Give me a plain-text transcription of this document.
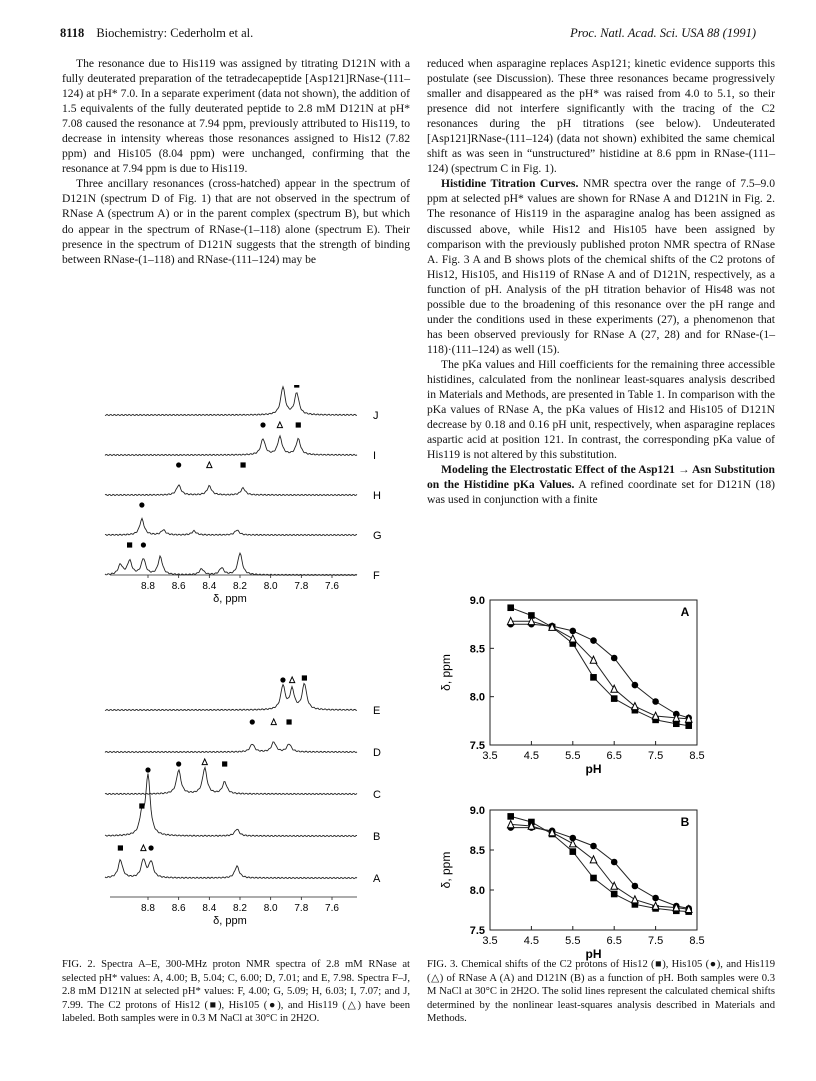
8118 Biochemistry: Cederholm et al.	Proc. Natl. Acad. Sci. USA 88 (1991)

The resonance due to His119 was assigned by titrating D121N with a fully deuterated preparation of the tetradecapeptide [Asp121]RNase-(111–124) at pH* 7.0. In a separate experiment (data not shown), the addition of 1.5 equivalents of the fully deuterated peptide to 2.8 mM D121N at pH* 7.08 caused the resonance at 7.94 ppm, previously attributed to His119, to decrease in intensity whereas those resonances assigned to His12 (7.82 ppm) and His105 (8.04 ppm) were unchanged, confirming that the resonance at 7.94 ppm is due to His119.

Three ancillary resonances (cross-hatched) appear in the spectrum of D121N (spectrum D of Fig. 1) that are not observed in the spectrum of RNase A (spectrum A) or in the parent complex (spectrum B), but which do appear in the spectrum of RNase-(1–118) alone (spectrum E). Their presence in the spectrum of D121N suggests that the strength of binding between RNase-(1–118) and RNase-(111–124) may be

reduced when asparagine replaces Asp121; kinetic evidence supports this postulate (see Discussion). These three resonances became progressively smaller and disappeared as the pH* was raised from 4.0 to 5.1, so their presence did not interfere significantly with the tracing of the C2 resonances during the pH titrations (see below). Undeuterated [Asp121]RNase-(111–124) (data not shown) exhibited the same chemical shift as was seen in “unstructured” histidine at 8.6 ppm in RNase-(111–124) (spectrum C in Fig. 1).

Histidine Titration Curves. NMR spectra over the range of 7.5–9.0 ppm at selected pH* values are shown for RNase A and D121N in Fig. 2. The resonance of His119 in the asparagine analog has been assigned as discussed above, while His12 and His105 have been assigned by comparison with the previously published proton NMR spectra of RNase A. Fig. 3 A and B shows plots of the chemical shifts of the C2 protons of His12, His105, and His119 of RNase A and of D121N, respectively, as a function of pH. Analysis of the pH titration behavior of His48 was not possible due to the broadening of this resonance over the pH range and under the conditions used in these experiments (27), a phenomenon that has been observed previously for RNase A (27, 28) and for RNase-(1–118)·(111–124) as well (15).

The pKa values and Hill coefficients for the remaining three accessible histidines, calculated from the nonlinear least-squares analysis described in Materials and Methods, are presented in Table 1. In comparison with the pKa values of RNase A, the pKa values of His12 and His105 of D121N decrease by 0.18 and 0.16 pH unit, respectively, when asparagine replaces aspartic acid at position 121. In contrast, the corresponding pKa value of His119 is not altered by this substitution.

Modeling the Electrostatic Effect of the Asp121 → Asn Substitution on the Histidine pKa Values. A refined coordinate set for D121N (18) was used in conjunction with a finite

J
I
H
G
F
8.8 8.6 8.4 8.2 8.0 7.8 7.6
δ, ppm
E
D
C
B
A
8.8 8.6 8.4 8.2 8.0 7.8 7.6
δ, ppm
FIG. 2. Spectra A–E, 300-MHz proton NMR spectra of 2.8 mM RNase at selected pH* values: A, 4.00; B, 5.04; C, 6.00; D, 7.01; and E, 7.98. Spectra F–J, 2.8 mM D121N at selected pH* values: F, 4.00; G, 5.09; H, 6.03; I, 7.07; and J, 7.99. The C2 protons of His12 (■), His105 (●), and His119 (△) have been labeled. Both samples were in 0.3 M NaCl at 30°C in 2H2O.
3.5 4.5 5.5 6.5 7.5 8.5
7.5
8.0
8.5
9.0
pH
δ, ppm
A
3.5 4.5 5.5 6.5 7.5 8.5
7.5
8.0
8.5
9.0
pH
δ, ppm
B
FIG. 3. Chemical shifts of the C2 protons of His12 (■), His105 (●), and His119 (△) of RNase A (A) and D121N (B) as a function of pH. Both samples were 0.3 M NaCl at 30°C in 2H2O. The solid lines represent the calculated chemical shifts determined by the nonlinear least-squares analysis described in Materials and Methods.
